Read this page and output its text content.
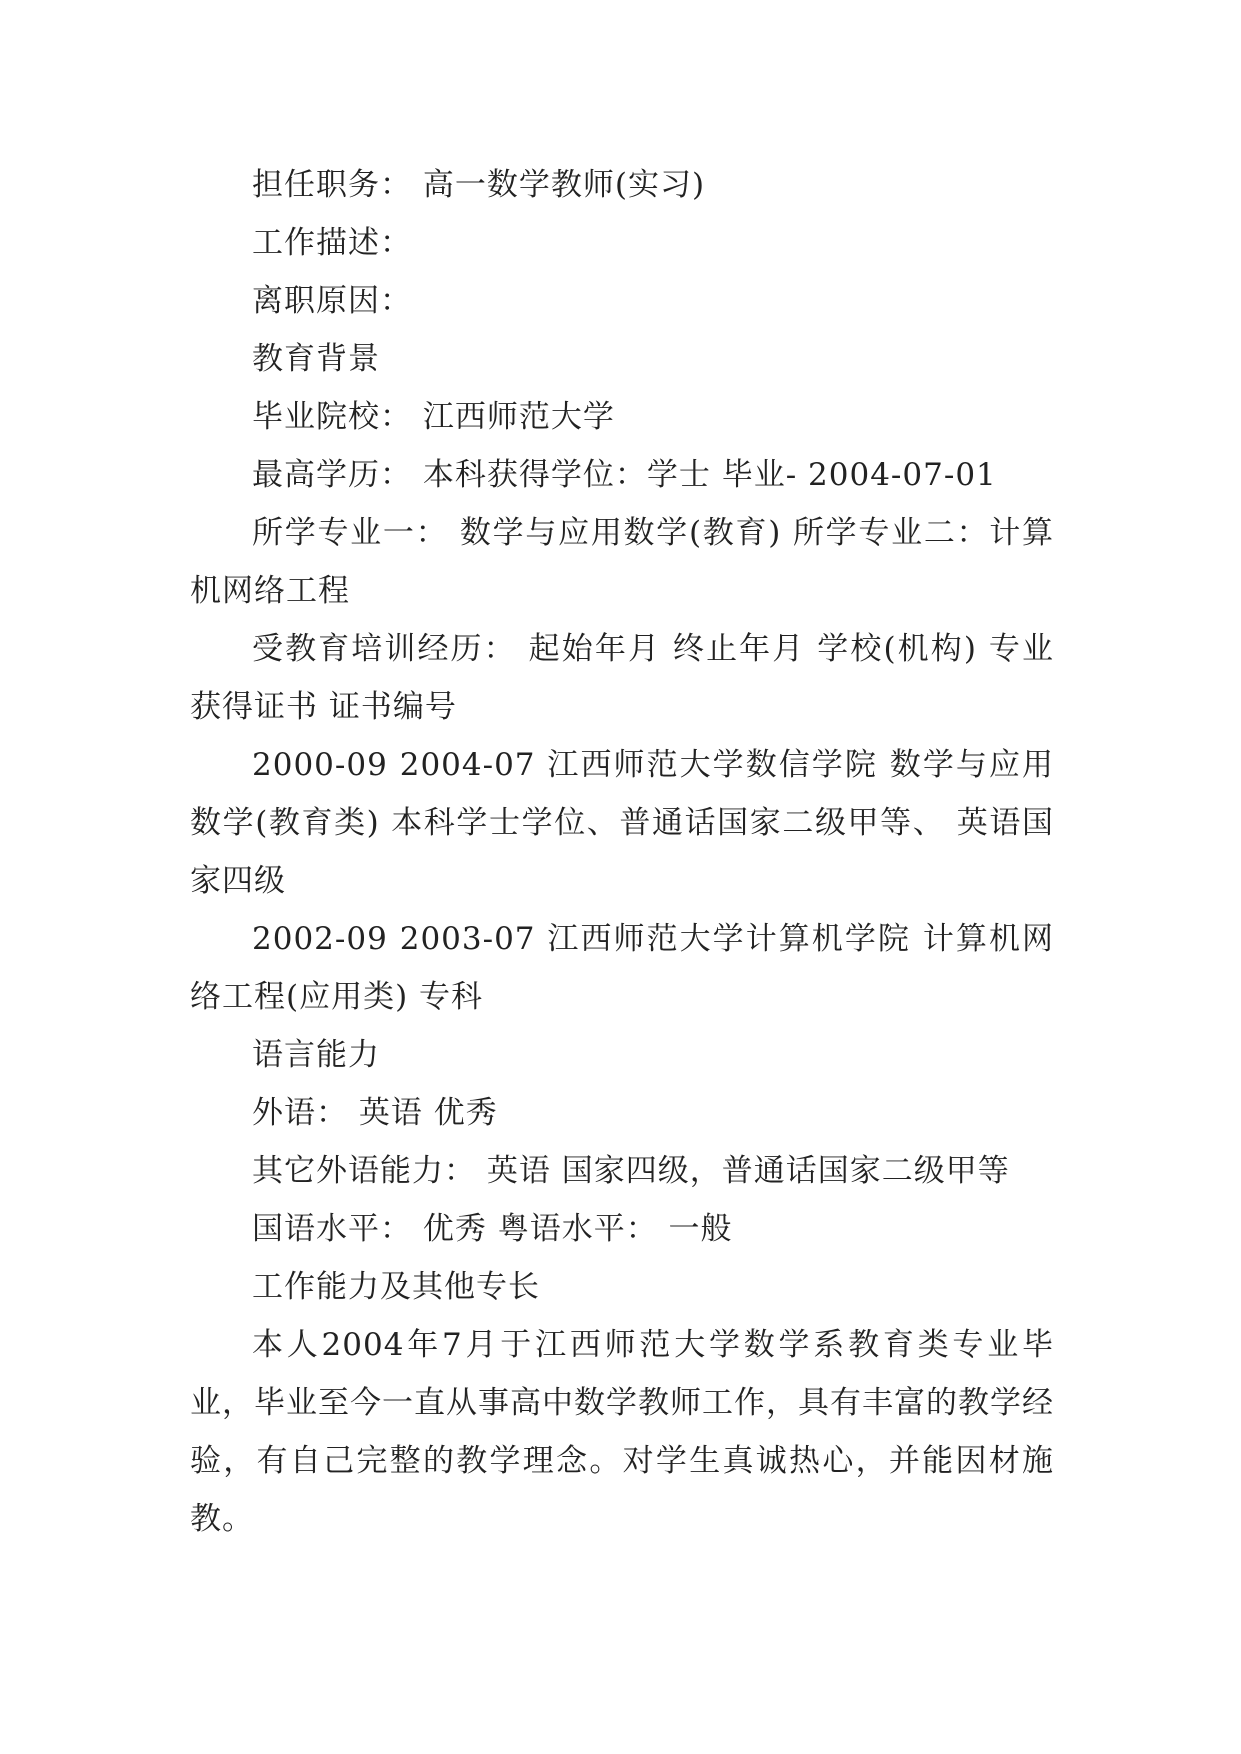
担任职务： 高一数学教师(实习)

工作描述：

离职原因：

教育背景

毕业院校： 江西师范大学

最高学历： 本科获得学位：学士 毕业- 2004-07-01

所学专业一： 数学与应用数学(教育) 所学专业二：计算机网络工程

受教育培训经历： 起始年月 终止年月 学校(机构) 专业 获得证书 证书编号

2000-09 2004-07 江西师范大学数信学院 数学与应用数学(教育类) 本科学士学位、普通话国家二级甲等、 英语国家四级

2002-09 2003-07 江西师范大学计算机学院 计算机网络工程(应用类) 专科

语言能力

外语： 英语 优秀

其它外语能力： 英语 国家四级，普通话国家二级甲等

国语水平： 优秀 粤语水平： 一般

工作能力及其他专长

本人2004年7月于江西师范大学数学系教育类专业毕业，毕业至今一直从事高中数学教师工作，具有丰富的教学经验，有自己完整的教学理念。对学生真诚热心，并能因材施教。
